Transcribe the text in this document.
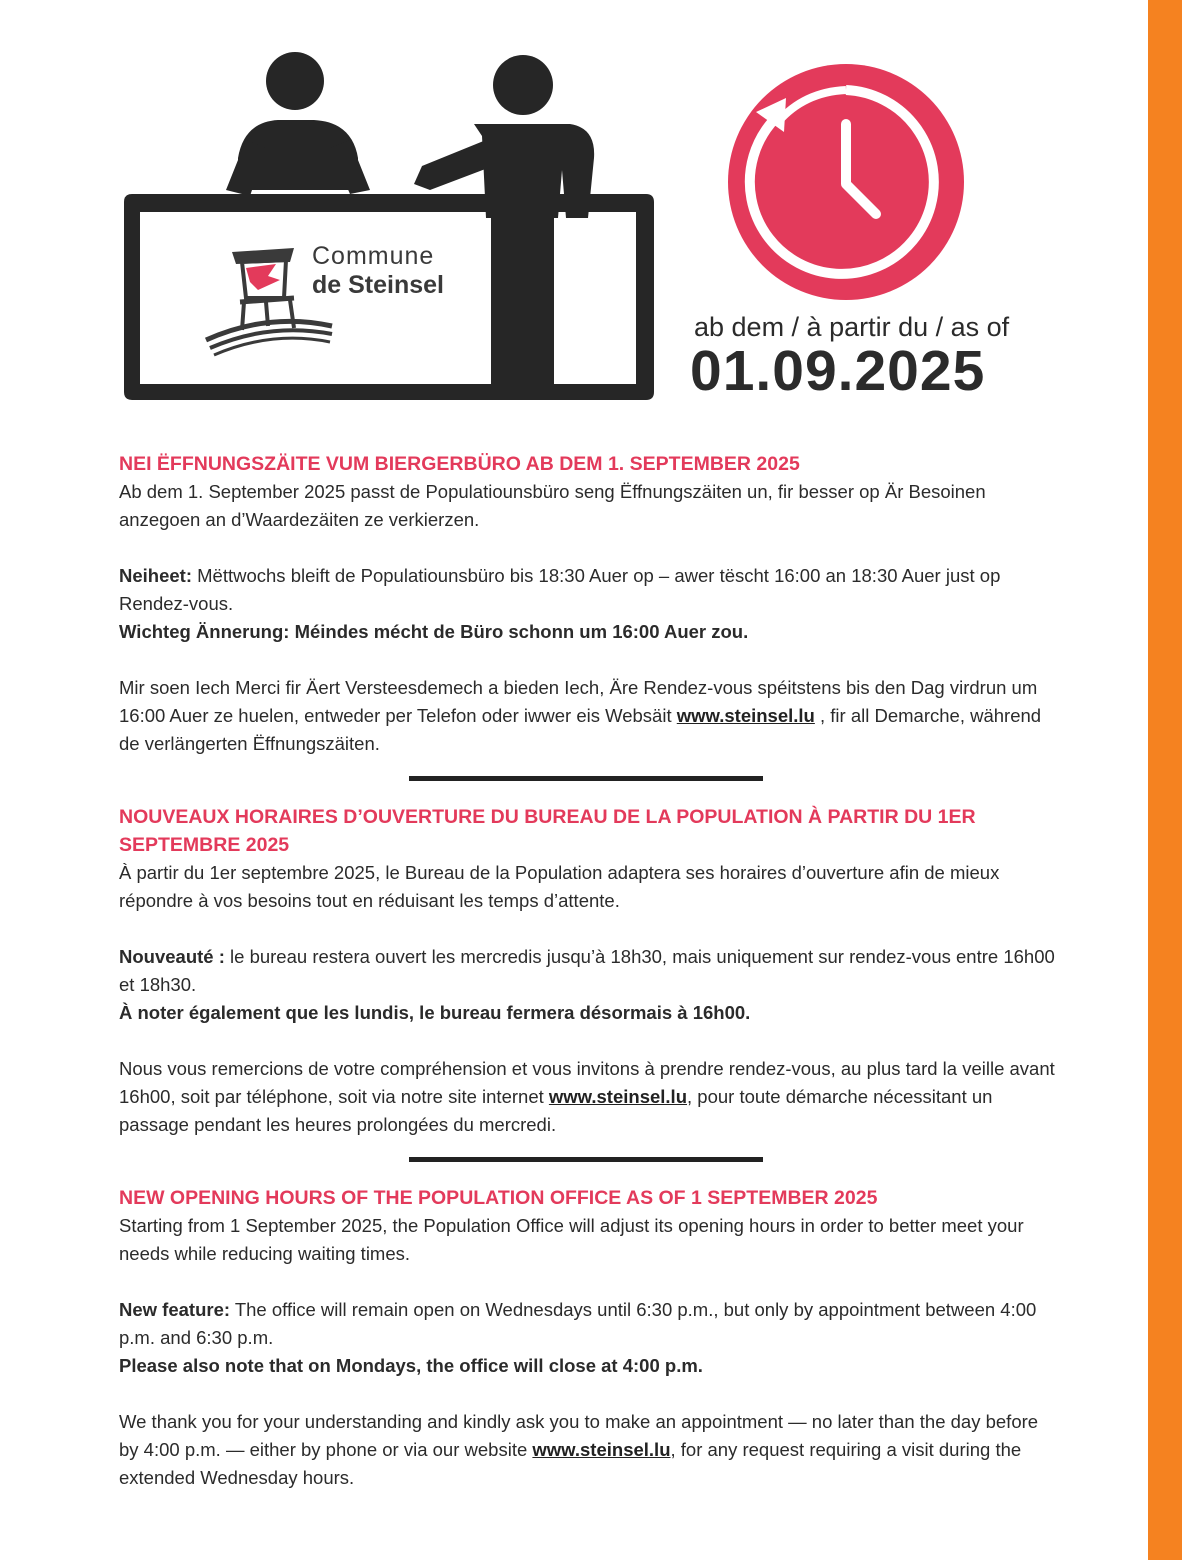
Commune
de Steinsel
ab dem / à partir du / as of
01.09.2025
NEI ËFFNUNGSZÄITE VUM BIERGERBÜRO AB DEM 1. SEPTEMBER 2025

Ab dem 1. September 2025 passt de Populatiounsbüro seng Ëffnungszäiten un, fir besser op Är Besoinen anzegoen an d’Waardezäiten ze verkierzen.

Neiheet: Mëttwochs bleift de Populatiounsbüro bis 18:30 Auer op – awer tëscht 16:00 an 18:30 Auer just op Rendez-vous.

Wichteg Ännerung: Méindes mécht de Büro schonn um 16:00 Auer zou.

Mir soen Iech Merci fir Äert Versteesdemech a bieden Iech, Äre Rendez-vous spéitstens bis den Dag virdrun um 16:00 Auer ze huelen, entweder per Telefon oder iwwer eis Websäit www.steinsel.lu , fir all Demarche, während de verlängerten Ëffnungszäiten.

NOUVEAUX HORAIRES D’OUVERTURE DU BUREAU DE LA POPULATION À PARTIR DU 1ER SEPTEMBRE 2025

À partir du 1er septembre 2025, le Bureau de la Population adaptera ses horaires d’ouverture afin de mieux répondre à vos besoins tout en réduisant les temps d’attente.

Nouveauté : le bureau restera ouvert les mercredis jusqu’à 18h30, mais uniquement sur rendez-vous entre 16h00 et 18h30.

À noter également que les lundis, le bureau fermera désormais à 16h00.

Nous vous remercions de votre compréhension et vous invitons à prendre rendez-vous, au plus tard la veille avant 16h00, soit par téléphone, soit via notre site internet www.steinsel.lu, pour toute démarche nécessitant un passage pendant les heures prolongées du mercredi.

NEW OPENING HOURS OF THE POPULATION OFFICE AS OF 1 SEPTEMBER 2025

Starting from 1 September 2025, the Population Office will adjust its opening hours in order to better meet your needs while reducing waiting times.

New feature: The office will remain open on Wednesdays until 6:30 p.m., but only by appointment between 4:00 p.m. and 6:30 p.m.

Please also note that on Mondays, the office will close at 4:00 p.m.

We thank you for your understanding and kindly ask you to make an appointment — no later than the day before by 4:00 p.m. — either by phone or via our website www.steinsel.lu, for any request requiring a visit during the extended Wednesday hours.
